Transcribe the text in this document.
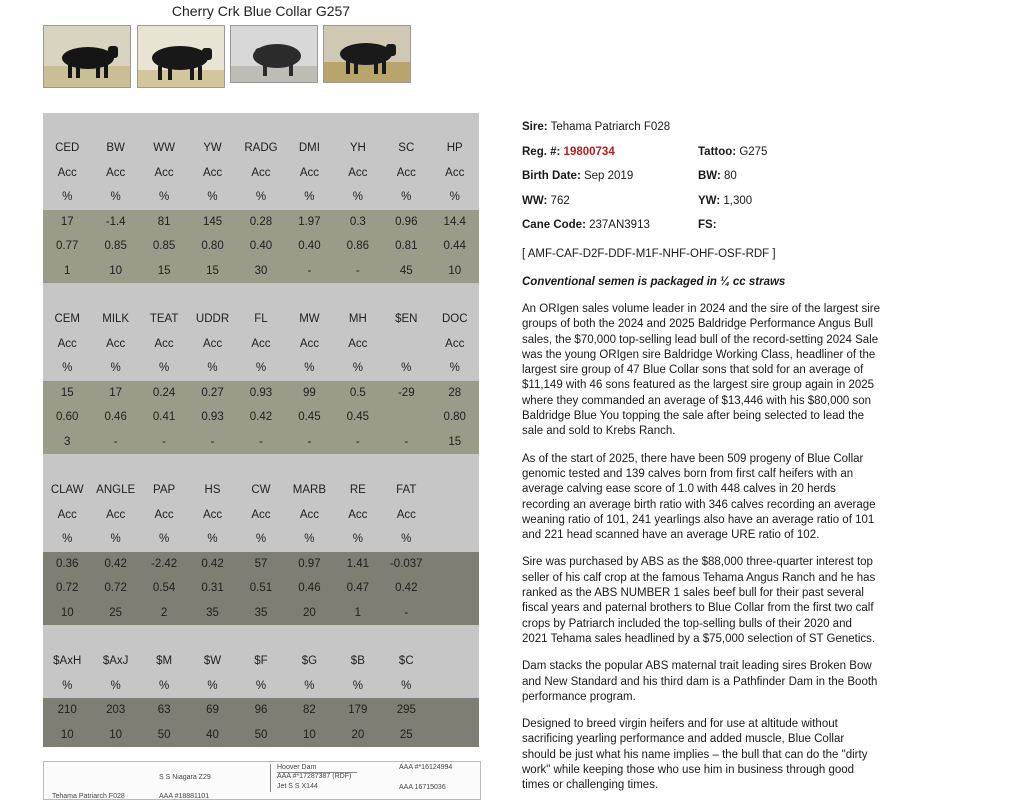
Cherry Crk Blue Collar G257
CED	BW	WW	YW	RADG	DMI	YH	SC	HP
Acc	Acc	Acc	Acc	Acc	Acc	Acc	Acc	Acc
%	%	%	%	%	%	%	%	%
17	-1.4	81	145	0.28	1.97	0.3	0.96	14.4
0.77	0.85	0.85	0.80	0.40	0.40	0.86	0.81	0.44
1	10	15	15	30	-	-	45	10
CEM	MILK	TEAT	UDDR	FL	MW	MH	$EN	DOC
Acc	Acc	Acc	Acc	Acc	Acc	Acc		Acc
%	%	%	%	%	%	%	%	%
15	17	0.24	0.27	0.93	99	0.5	-29	28
0.60	0.46	0.41	0.93	0.42	0.45	0.45		0.80
3	-	-	-	-	-	-	-	15
CLAW	ANGLE	PAP	HS	CW	MARB	RE	FAT	
Acc	Acc	Acc	Acc	Acc	Acc	Acc	Acc	
%	%	%	%	%	%	%	%	
0.36	0.42	-2.42	0.42	57	0.97	1.41	-0.037	
0.72	0.72	0.54	0.31	0.51	0.46	0.47	0.42	
10	25	2	35	35	20	1	-	
$AxH	$AxJ	$M	$W	$F	$G	$B	$C	
%	%	%	%	%	%	%	%	
210	203	63	69	96	82	179	295	
10	10	50	40	50	10	20	25	
Hoover Dam	AAA #*16124994
S S Niagara Z29	AAA #*17287387 (RDF)
Jet S S X144	AAA 16715036
Tehama Patriarch F028	AAA #18881101
Sire: Tehama Patriarch F028
Reg. #: 19800734	Tattoo: G275
Birth Date: Sep 2019	BW: 80
WW: 762	YW: 1,300
Cane Code: 237AN3913	FS:
[ AMF-CAF-D2F-DDF-M1F-NHF-OHF-OSF-RDF ]
Conventional semen is packaged in ¼ cc straws

An ORIgen sales volume leader in 2024 and the sire of the largest sire groups of both the 2024 and 2025 Baldridge Performance Angus Bull sales, the $70,000 top-selling lead bull of the record-setting 2024 Sale was the young ORIgen sire Baldridge Working Class, headliner of the largest sire group of 47 Blue Collar sons that sold for an average of $11,149 with 46 sons featured as the largest sire group again in 2025 where they commanded an average of $13,446 with his $80,000 son Baldridge Blue You topping the sale after being selected to lead the sale and sold to Krebs Ranch.

As of the start of 2025, there have been 509 progeny of Blue Collar genomic tested and 139 calves born from first calf heifers with an average calving ease score of 1.0 with 448 calves in 20 herds recording an average birth ratio with 346 calves recording an average weaning ratio of 101, 241 yearlings also have an average ratio of 101 and 221 head scanned have an average URE ratio of 102.

Sire was purchased by ABS as the $88,000 three-quarter interest top seller of his calf crop at the famous Tehama Angus Ranch and he has ranked as the ABS NUMBER 1 sales beef bull for their past several fiscal years and paternal brothers to Blue Collar from the first two calf crops by Patriarch included the top-selling bulls of their 2020 and 2021 Tehama sales headlined by a $75,000 selection of ST Genetics.

Dam stacks the popular ABS maternal trait leading sires Broken Bow and New Standard and his third dam is a Pathfinder Dam in the Booth performance program.

Designed to breed virgin heifers and for use at altitude without sacrificing yearling performance and added muscle, Blue Collar should be just what his name implies – the bull that can do the "dirty work" while keeping those who use him in business through good times or challenging times.
